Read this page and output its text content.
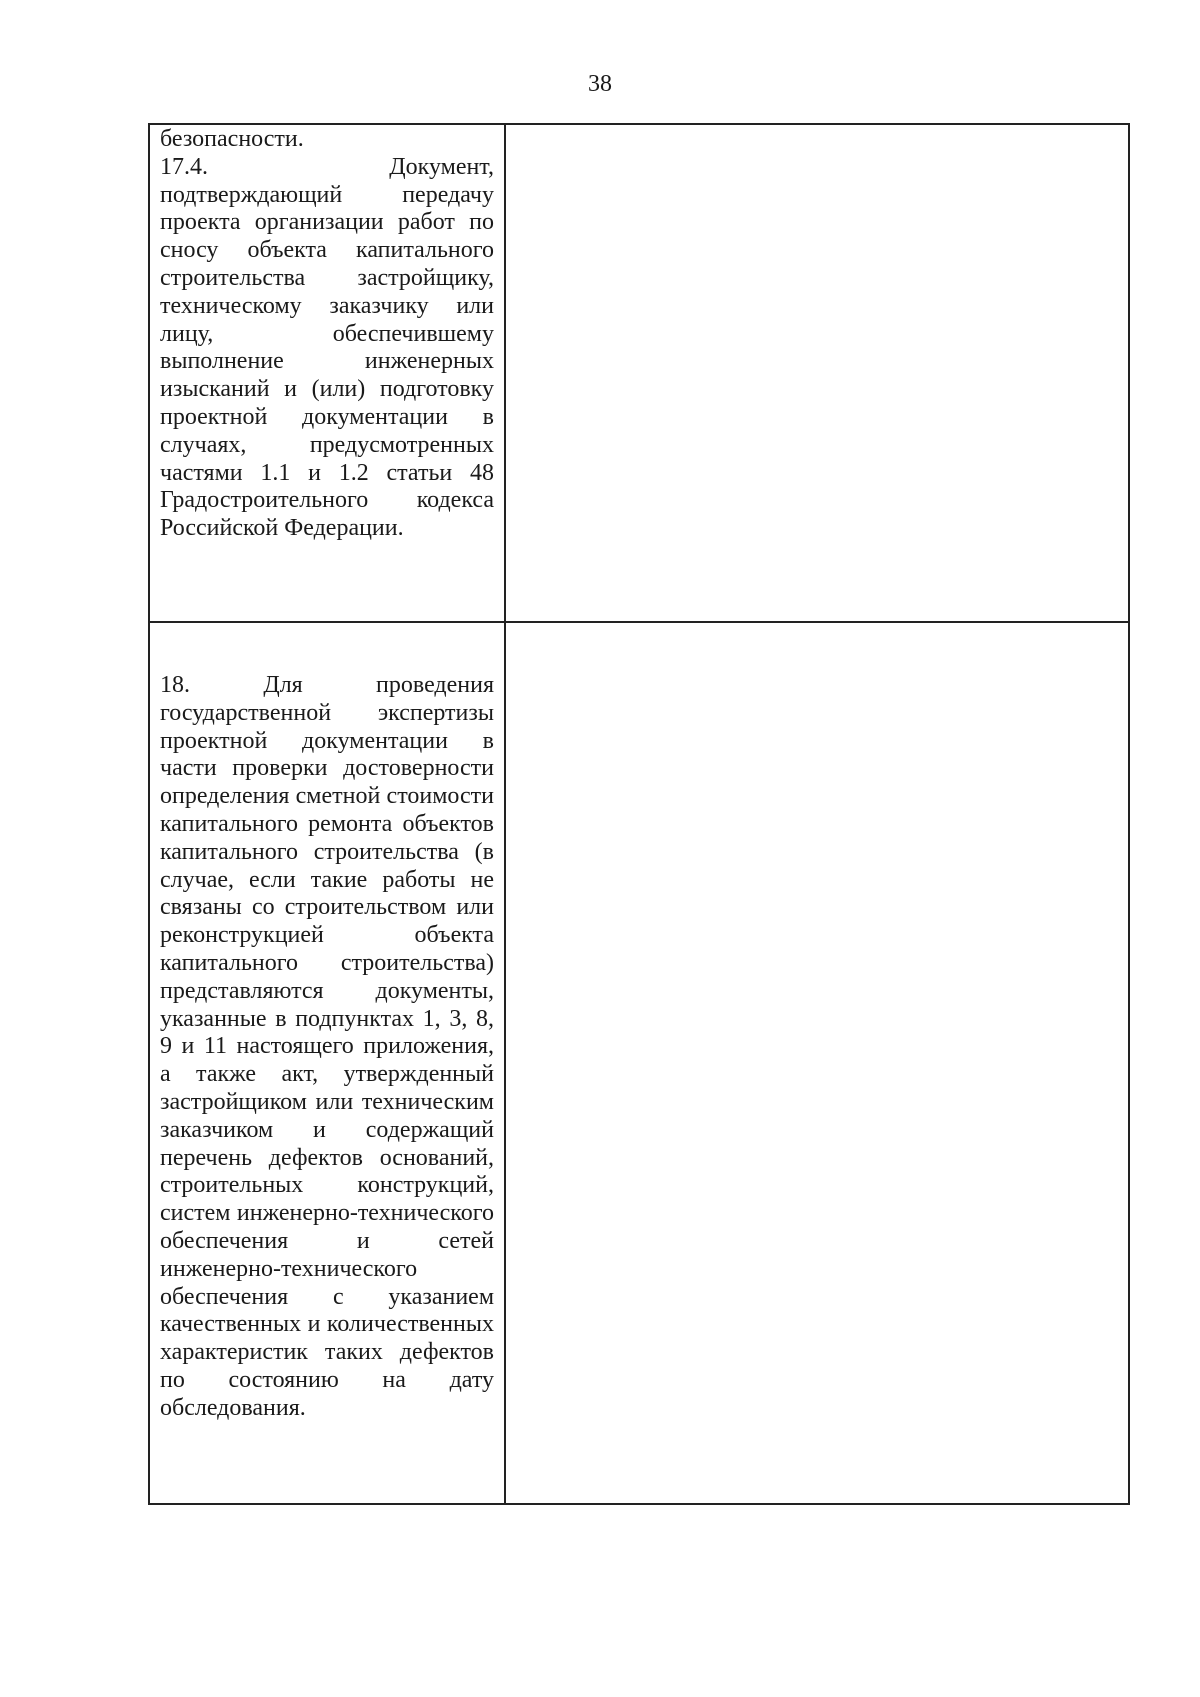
38

безопасности.

17.4. Документ, подтверждающий передачу проекта организации работ по сносу объекта капитального строительства застройщику, техническому заказчику или лицу, обеспечившему выполнение инженерных изысканий и (или) подготовку проектной документации в случаях, предусмотренных частями 1.1 и 1.2 статьи 48 Градостроительного кодекса Российской Федерации.	

18. Для проведения государственной экспертизы проектной документации в части проверки достоверности определения сметной стоимости капитального ремонта объектов капитального строительства (в случае, если такие работы не связаны со строительством или реконструкцией объекта капитального строительства) представляются документы, указанные в подпунктах 1, 3, 8, 9 и 11 настоящего приложения, а также акт, утвержденный застройщиком или техническим заказчиком и содержащий перечень дефектов оснований, строительных конструкций, систем инженерно-технического обеспечения и сетей инженерно-технического обеспечения с указанием качественных и количественных характеристик таких дефектов по состоянию на дату обследования.	
